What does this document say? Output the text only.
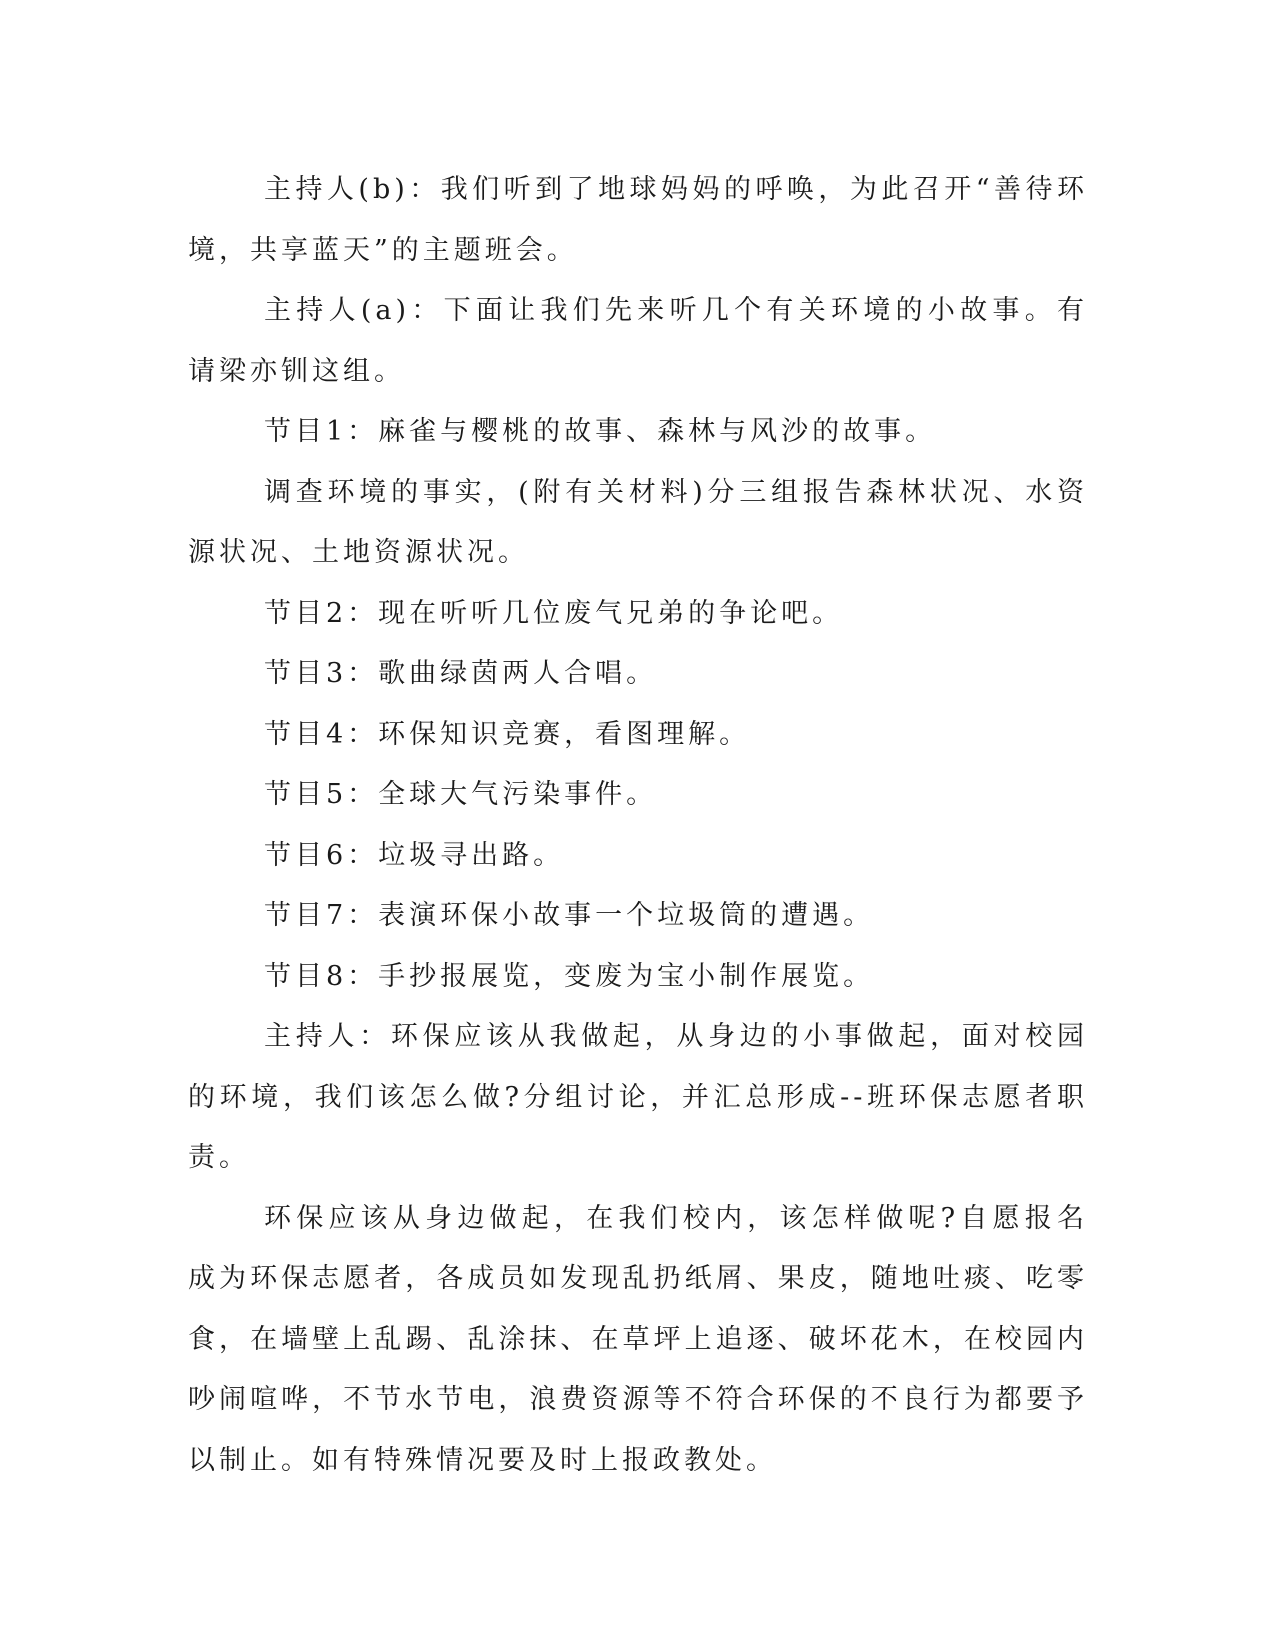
主持人(b)：我们听到了地球妈妈的呼唤，为此召开“善待环境，共享蓝天”的主题班会。

主持人(a)：下面让我们先来听几个有关环境的小故事。有请梁亦钏这组。

节目1：麻雀与樱桃的故事、森林与风沙的故事。

调查环境的事实，(附有关材料)分三组报告森林状况、水资源状况、土地资源状况。

节目2：现在听听几位废气兄弟的争论吧。

节目3：歌曲绿茵两人合唱。

节目4：环保知识竞赛，看图理解。

节目5：全球大气污染事件。

节目6：垃圾寻出路。

节目7：表演环保小故事一个垃圾筒的遭遇。

节目8：手抄报展览，变废为宝小制作展览。

主持人：环保应该从我做起，从身边的小事做起，面对校园的环境，我们该怎么做?分组讨论，并汇总形成--班环保志愿者职责。

环保应该从身边做起，在我们校内，该怎样做呢?自愿报名成为环保志愿者，各成员如发现乱扔纸屑、果皮，随地吐痰、吃零食，在墙壁上乱踢、乱涂抹、在草坪上追逐、破坏花木，在校园内吵闹喧哗，不节水节电，浪费资源等不符合环保的不良行为都要予以制止。如有特殊情况要及时上报政教处。
